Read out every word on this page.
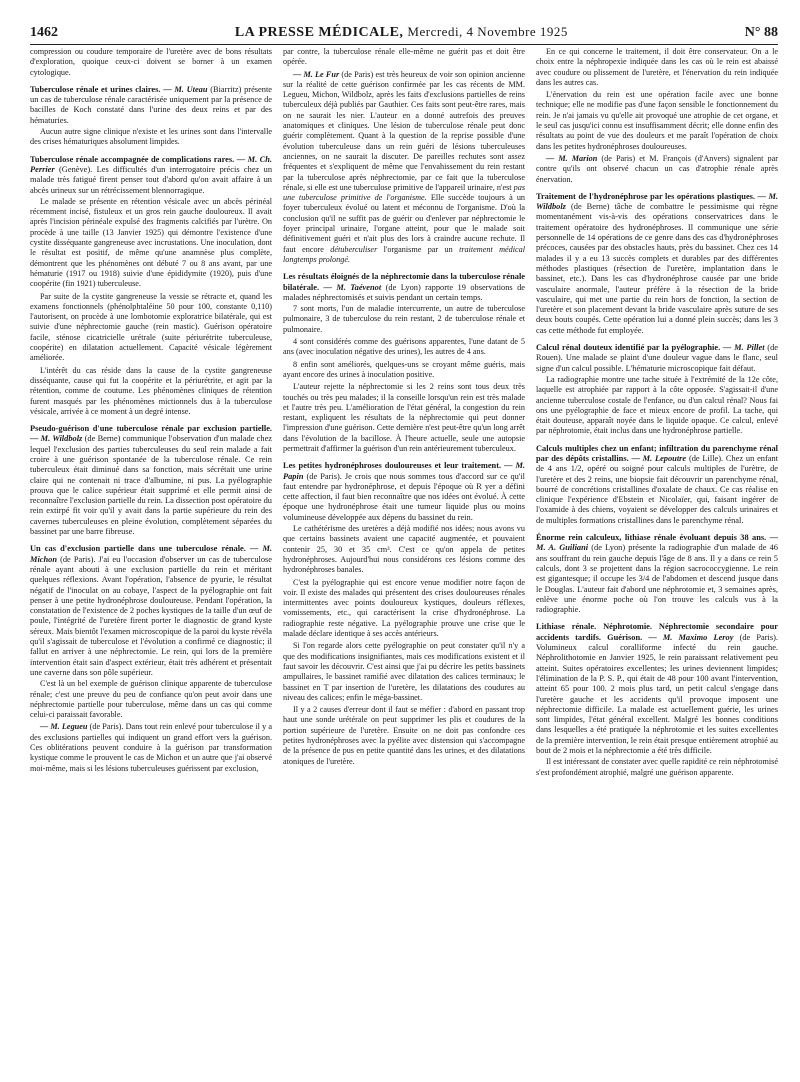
1462	LA PRESSE MÉDICALE, Mercredi, 4 Novembre 1925	N° 88

compression ou coudure temporaire de l'uretère avec de bons résultats d'exploration, quoique ceux-ci doivent se borner à un examen cytologique.

Tuberculose rénale et urines claires. — M. Uteau (Biarritz) présente un cas de tuberculose rénale caractérisée uniquement par la présence de bacilles de Koch constaté dans l'urine des deux reins et par des hématuries.

Aucun autre signe clinique n'existe et les urines sont dans l'intervalle des crises hématuriques absolument limpides.

Tuberculose rénale accompagnée de complications rares. — M. Ch. Perrier (Genève). Les difficultés d'un interrogatoire précis chez un malade très fatigué firent penser tout d'abord qu'on avait affaire à un abcès urineux sur un rétrécissement blennorragique.

Le malade se présente en rétention vésicale avec un abcès périnéal récemment incisé, fistuleux et un gros rein gauche douloureux. Il avait après l'incision périnéale expulsé des fragments calcifiés par l'urètre. On procède à une taille (13 Janvier 1925) qui démontre l'existence d'une cystite disséquante gangreneuse avec incrustations. Une inoculation, dont le résultat est positif, de même qu'une anamnèse plus complète, démontrent que les phénomènes ont débuté 7 ou 8 ans avant, par une hématurie (1917 ou 1918) suivie d'une épididymite (1920), puis d'une coopérite (fin 1921) tuberculeuse.

Par suite de la cystite gangreneuse la vessie se rétracte et, quand les examens fonctionnels (phénolphtaléine 50 pour 100, constante 0,110) l'autorisent, on procède à une lombotomie exploratrice bilatérale, qui est suivie d'une néphrectomie gauche (rein mastic). Guérison opératoire facile, sténose cicatricielle urétrale (suite périurétrite tuberculeuse, coopérite) en dilatation actuellement. Capacité vésicale légèrement améliorée.

L'intérêt du cas réside dans la cause de la cystite gangreneuse disséquante, cause qui fut la coopérite et la périurétrite, et agit par la rétention, comme de coutume. Les phénomènes cliniques de rétention furent masqués par les phénomènes mictionnels dus à la tuberculose vésicale, arrivée à ce moment à un degré intense.

Pseudo-guérison d'une tuberculose rénale par exclusion partielle. — M. Wildbolz (de Berne) communique l'observation d'un malade chez lequel l'exclusion des parties tuberculeuses du seul rein malade a fait croire à une guérison spontanée de la tuberculose rénale. Ce rein tuberculeux était diminué dans sa fonction, mais sécrétait une urine claire qui ne contenait ni trace d'albumine, ni pus. La pyélographie prouva que le calice supérieur était supprimé et elle permit ainsi de reconnaître l'exclusion partielle du rein. La dissection post opératoire du rein extirpé fit voir qu'il y avait dans la partie supérieure du rein des cavernes tuberculeuses en pleine évolution, complètement séparées du bassinet par une barre fibreuse.
Un cas d'exclusion partielle dans une tuberculose rénale. — M. Michon (de Paris). J'ai eu l'occasion d'observer un cas de tuberculose rénale ayant abouti à une exclusion partielle du rein et méritant quelques réflexions. Avant l'opération, l'absence de pyurie, le résultat négatif de l'inoculat on au cobaye, l'aspect de la pyélographie ont fait penser à une petite hydronéphrose douloureuse. Pendant l'opération, la constatation de l'existence de 2 poches kystiques de la taille d'un œuf de poule, l'intégrité de l'uretère firent porter le diagnostic de grand kyste séreux. Mais bientôt l'examen microscopique de la paroi du kyste révéla qu'il s'agissait de tuberculose et l'évolution a confirmé ce diagnostic; il fallut en arriver à une néphrectomie. Le rein, qui lors de la première intervention était sain d'aspect extérieur, était très adhérent et présentait une caverne dans son pôle supérieur.

C'est là un bel exemple de guérison clinique apparente de tuberculose rénale; c'est une preuve du peu de confiance qu'on peut avoir dans une néphrectomie partielle pour tuberculose, même dans un cas qui comme celui-ci paraissait favorable.

— M. Legueu (de Paris). Dans tout rein enlevé pour tuberculose il y a des exclusions partielles qui indiquent un grand effort vers la guérison. Ces oblitérations peuvent conduire à la guérison par transformation kystique comme le prouvent le cas de Michon et un autre que j'ai observé moi-même, mais si les lésions tuberculeuses guérissent par exclusion,

par contre, la tuberculose rénale elle-même ne guérit pas et doit être opérée.

— M. Le Fur (de Paris) est très heureux de voir son opinion ancienne sur la réalité de cette guérison confirmée par les cas récents de MM. Legueu, Michon, Wildbolz, après les faits d'exclusions partielles de reins tuberculeux déjà publiés par Gauthier. Ces faits sont peut-être rares, mais on ne saurait les nier. L'auteur en a donné autrefois des preuves anatomiques et cliniques. Une lésion de tuberculose rénale peut donc guérir complètement. Quant à la question de la reprise possible d'une évolution tuberculeuse dans un rein guéri de lésions tuberculeuses anciennes, on ne saurait la discuter. De pareilles rechutes sont assez fréquentes et s'expliquent de même que l'envahissement du rein restant par la tuberculose après néphrectomie, par ce fait que la tuberculose rénale, si elle est une tuberculose primitive de l'appareil urinaire, n'est pas une tuberculose primitive de l'organisme. Elle succède toujours à un foyer tuberculeux évolué ou latent et méconnu de l'organisme. D'où la conclusion qu'il ne suffit pas de guérir ou d'enlever par néphrectomie le foyer principal urinaire, l'organe atteint, pour que le malade soit définitivement guéri et n'ait plus des lors à craindre aucune rechute. Il faut encore détuberculiser l'organisme par un traitement médical longtemps prolongé.

Les résultats éloignés de la néphrectomie dans la tuberculose rénale bilatérale. — M. Taévenot (de Lyon) rapporte 19 observations de malades néphrectomisés et suivis pendant un certain temps.

7 sont morts, l'un de maladie intercurrente, un autre de tuberculose pulmonaire, 3 de tuberculose du rein restant, 2 de tuberculose rénale et pulmonaire.

4 sont considérés comme des guérisons apparentes, l'une datant de 5 ans (avec inoculation négative des urines), les autres de 4 ans.

8 enfin sont améliorés, quelques-uns se croyant même guéris, mais ayant encore des urines à inoculation positive.

L'auteur rejette la néphrectomie si les 2 reins sont tous deux très touchés ou très peu malades; il la conseille lorsqu'un rein est très malade et l'autre très peu. L'amélioration de l'état général, la congestion du rein restant, expliquent les résultats de la néphrectomie qui peut donner l'impression d'une guérison. Cette dernière n'est peut-être qu'un long arrêt dans l'évolution de la bacillose. À l'heure actuelle, seule une autopsie permettrait d'affirmer la guérison d'un rein antérieurement tuberculeux.

Les petites hydronéphroses douloureuses et leur traitement. — M. Papin (de Paris). Je crois que nous sommes tous d'accord sur ce qu'il faut entendre par hydronéphrose, et depuis l'époque où R yer a défini cette affection, il faut bien reconnaître que nos idées ont évolué. À cette époque une hydronéphrose était une tumeur liquide plus ou moins volumineuse développée aux dépens du bassinet du rein.

Le cathétérisme des uretères a déjà modifié nos idées; nous avons vu que certains bassinets avaient une capacité augmentée, et pouvaient contenir 25, 30 et 35 cm³. C'est ce qu'on appela de petites hydronéphroses. Aujourd'hui nous considérons ces lésions comme des hydronéphroses banales.

C'est la pyélographie qui est encore venue modifier notre façon de voir. Il existe des malades qui présentent des crises douloureuses rénales intermittentes avec points douloureux kystiques, douleurs réflexes, vomissements, etc., qui caractérisent la crise d'hydronéphrose. La radiographie reste négative. La pyélographie prouve une crise que le malade déclare identique à ses accès antérieurs.

Si l'on regarde alors cette pyélographie on peut constater qu'il n'y a que des modifications insignifiantes, mais ces modifications existent et il faut savoir les découvrir. C'est ainsi que j'ai pu décrire les petits bassinets ampullaires, le bassinet ramifié avec dilatation des calices terminaux; le bassinet en T par insertion de l'uretère, les dilatations des coudures au niveau des calices; enfin le méga-bassinet.

Il y a 2 causes d'erreur dont il faut se méfier : d'abord en passant trop haut une sonde urétérale on peut supprimer les plis et coudures de la portion supérieure de l'uretère. Ensuite on ne doit pas confondre ces petites hydronéphroses avec la pyélite avec distension qui s'accompagne de la présence de pus en petite quantité dans les urines, et des dilatations atoniques de l'uretère.

En ce qui concerne le traitement, il doit être conservateur. On a le choix entre la néphropexie indiquée dans les cas où le rein est abaissé avec coudure ou plissement de l'uretère, et l'énervation du rein indiquée dans les autres cas.

L'énervation du rein est une opération facile avec une bonne technique; elle ne modifie pas d'une façon sensible le fonctionnement du rein. Je n'ai jamais vu qu'elle ait provoqué une atrophie de cet organe, et le seul cas jusqu'ici connu est insuffisamment décrit; elle donne enfin des résultats au point de vue des douleurs et me paraît l'opération de choix dans les petites hydronéphroses douloureuses.

— M. Marion (de Paris) et M. François (d'Anvers) signalent par contre qu'ils ont observé chacun un cas d'atrophie rénale après énervation.

Traitement de l'hydronéphrose par les opérations plastiques. — M. Wildbolz (de Berne) tâche de combattre le pessimisme qui règne momentanément vis-à-vis des opérations conservatrices dans le traitement opératoire des hydronéphroses. Il communique une série personnelle de 14 opérations de ce genre dans des cas d'hydronéphroses précoces, causées par des obstacles hauts, près du bassinet. Chez ces 14 malades il y a eu 13 succès complets et durables par des différentes méthodes plastiques (résection de l'uretère, implantation dans le bassinet, etc.). Dans les cas d'hydronéphrose causée par une bride vasculaire anormale, l'auteur préfère à la résection de la bride vasculaire, qui met une partie du rein hors de fonction, la section de l'uretère et son placement devant la bride vasculaire après suture de ses deux bouts coupés. Cette opération lui a donné plein succès; dans les 3 cas cette méthode fut employée.
Calcul rénal douteux identifié par la pyélographie. — M. Pillet (de Rouen). Une malade se plaint d'une douleur vague dans le flanc, seul signe d'un calcul possible. L'hématurie microscopique fait défaut.

La radiographie montre une tache située à l'extrémité de la 12e côte, laquelle est atrophiée par rapport à la côte opposée. S'agissait-il d'une ancienne tuberculose costale de l'enfance, ou d'un calcul rénal? Nous fai ons une pyélographie de face et mieux encore de profil. La tache, qui était douteuse, apparaît noyée dans le liquide opaque. Ce calcul, enlevé par néphrotomie, était inclus dans une hydronéphrose partielle.

Calculs multiples chez un enfant; infiltration du parenchyme rénal par des dépôts cristallins. — M. Lepoutre (de Lille). Chez un enfant de 4 ans 1/2, opéré ou soigné pour calculs multiples de l'urètre, de l'uretère et des 2 reins, une biopsie fait découvrir un parenchyme rénal, bourré de concrétions cristallines d'oxalate de chaux. Ce cas réalise en clinique l'expérience d'Ebstein et Nicolaïer, qui, faisant ingérer de l'oxamide à des chiens, voyaient se développer des calculs urinaires et de multiples formations cristallines dans le parenchyme rénal.
Énorme rein calculeux, lithiase rénale évoluant depuis 38 ans. — M. A. Guiliani (de Lyon) présente la radiographie d'un malade de 46 ans souffrant du rein gauche depuis l'âge de 8 ans. Il y a dans ce rein 5 calculs, dont 3 se projettent dans la région sacrococcygienne. Le rein est gigantesque; il occupe les 3/4 de l'abdomen et descend jusque dans le Douglas. L'auteur fait d'abord une néphrotomie et, 3 semaines après, enlève une énorme poche où l'on trouve les calculs vus à la radiographie.
Lithiase rénale. Néphrotomie. Néphrectomie secondaire pour accidents tardifs. Guérison. — M. Maximo Leroy (de Paris). Volumineux calcul coralliforme infecté du rein gauche. Néphrolithotomie en Janvier 1925, le rein paraissant relativement peu atteint. Suites opératoires excellentes; les urines deviennent limpides; l'élimination de la P. S. P., qui était de 48 pour 100 avant l'intervention, atteint 65 pour 100. 2 mois plus tard, un petit calcul s'engage dans l'uretère gauche et les accidents qu'il provoque imposent une néphrectomie difficile. La malade est actuellement guérie, les urines sont limpides, l'état général excellent. Malgré les bonnes conditions dans lesquelles a été pratiquée la néphrotomie et les suites excellentes de la première intervention, le rein était presque entièrement atrophié au bout de 2 mois et la néphrectomie a été très difficile.

Il est intéressant de constater avec quelle rapidité ce rein néphrotomisé s'est profondément atrophié, malgré une guérison apparente.
